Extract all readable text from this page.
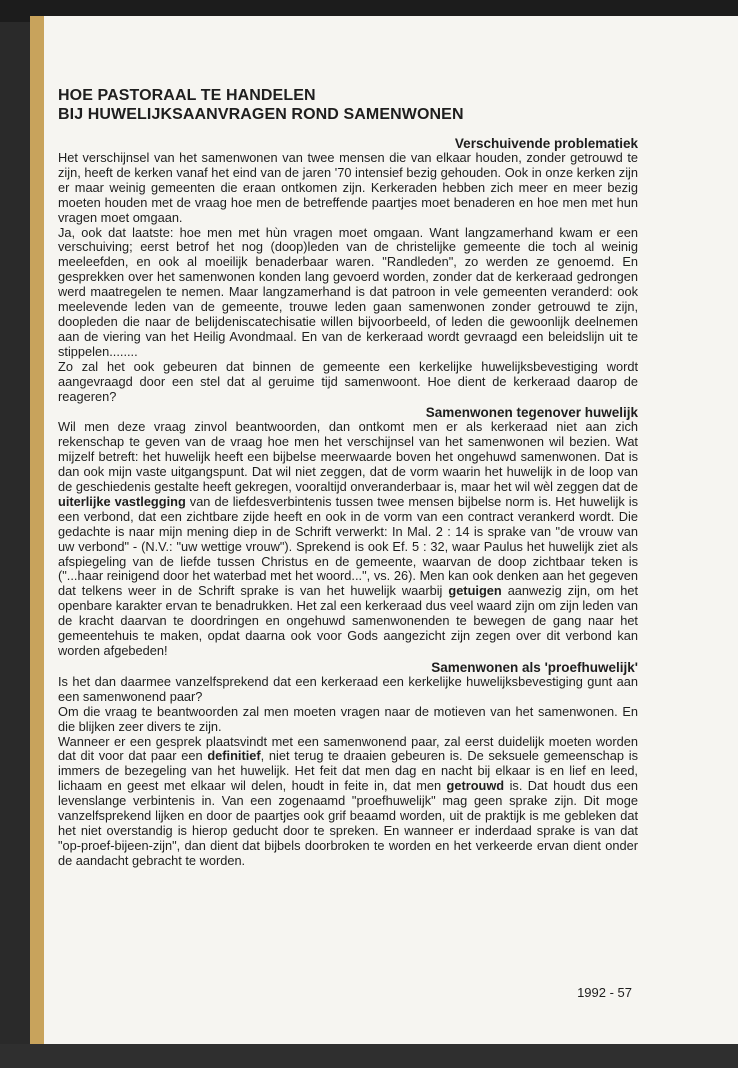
HOE PASTORAAL TE HANDELEN
BIJ HUWELIJKSAANVRAGEN ROND SAMENWONEN
Verschuivende problematiek

Het verschijnsel van het samenwonen van twee mensen die van elkaar houden, zonder getrouwd te zijn, heeft de kerken vanaf het eind van de jaren '70 intensief bezig gehouden. Ook in onze kerken zijn er maar weinig gemeenten die eraan ontkomen zijn. Kerkeraden hebben zich meer en meer bezig moeten houden met de vraag hoe men de betreffende paartjes moet benaderen en hoe men met hun vragen moet omgaan.

Ja, ook dat laatste: hoe men met hùn vragen moet omgaan. Want langzamerhand kwam er een verschuiving; eerst betrof het nog (doop)leden van de christelijke gemeente die toch al weinig meeleefden, en ook al moeilijk benaderbaar waren. "Randleden", zo werden ze genoemd. En gesprekken over het samenwonen konden lang gevoerd worden, zonder dat de kerkeraad gedrongen werd maatregelen te nemen. Maar langzamerhand is dat patroon in vele gemeenten veranderd: ook meelevende leden van de gemeente, trouwe leden gaan samenwonen zonder getrouwd te zijn, doopleden die naar de belijdeniscatechisatie willen bijvoorbeeld, of leden die gewoonlijk deelnemen aan de viering van het Heilig Avondmaal. En van de kerkeraad wordt gevraagd een beleidslijn uit te stippelen........

Zo zal het ook gebeuren dat binnen de gemeente een kerkelijke huwelijksbevestiging wordt aangevraagd door een stel dat al geruime tijd samenwoont. Hoe dient de kerkeraad daarop de reageren?

Samenwonen tegenover huwelijk

Wil men deze vraag zinvol beantwoorden, dan ontkomt men er als kerkeraad niet aan zich rekenschap te geven van de vraag hoe men het verschijnsel van het samenwonen wil bezien. Wat mijzelf betreft: het huwelijk heeft een bijbelse meerwaarde boven het ongehuwd samenwonen. Dat is dan ook mijn vaste uitgangspunt. Dat wil niet zeggen, dat de vorm waarin het huwelijk in de loop van de geschiedenis gestalte heeft gekregen, vooraltijd onveranderbaar is, maar het wil wèl zeggen dat de uiterlijke vastlegging van de liefdesverbintenis tussen twee mensen bijbelse norm is. Het huwelijk is een verbond, dat een zichtbare zijde heeft en ook in de vorm van een contract verankerd wordt. Die gedachte is naar mijn mening diep in de Schrift verwerkt: In Mal. 2 : 14 is sprake van "de vrouw van uw verbond" - (N.V.: "uw wettige vrouw"). Sprekend is ook Ef. 5 : 32, waar Paulus het huwelijk ziet als afspiegeling van de liefde tussen Christus en de gemeente, waarvan de doop zichtbaar teken is ("...haar reinigend door het waterbad met het woord...", vs. 26). Men kan ook denken aan het gegeven dat telkens weer in de Schrift sprake is van het huwelijk waarbij getuigen aanwezig zijn, om het openbare karakter ervan te benadrukken. Het zal een kerkeraad dus veel waard zijn om zijn leden van de kracht daarvan te doordringen en ongehuwd samenwonenden te bewegen de gang naar het gemeentehuis te maken, opdat daarna ook voor Gods aangezicht zijn zegen over dit verbond kan worden afgebeden!

Samenwonen als 'proefhuwelijk'

Is het dan daarmee vanzelfsprekend dat een kerkeraad een kerkelijke huwelijksbevestiging gunt aan een samenwonend paar?

Om die vraag te beantwoorden zal men moeten vragen naar de motieven van het samenwonen. En die blijken zeer divers te zijn.

Wanneer er een gesprek plaatsvindt met een samenwonend paar, zal eerst duidelijk moeten worden dat dit voor dat paar een definitief, niet terug te draaien gebeuren is. De seksuele gemeenschap is immers de bezegeling van het huwelijk. Het feit dat men dag en nacht bij elkaar is en lief en leed, lichaam en geest met elkaar wil delen, houdt in feite in, dat men getrouwd is. Dat houdt dus een levenslange verbintenis in. Van een zogenaamd "proefhuwelijk" mag geen sprake zijn. Dit moge vanzelfsprekend lijken en door de paartjes ook grif beaamd worden, uit de praktijk is me gebleken dat het niet overstandig is hierop geducht door te spreken. En wanneer er inderdaad sprake is van dat "op-proef-bijeen-zijn", dan dient dat bijbels doorbroken te worden en het verkeerde ervan dient onder de aandacht gebracht te worden.

1992 - 57
